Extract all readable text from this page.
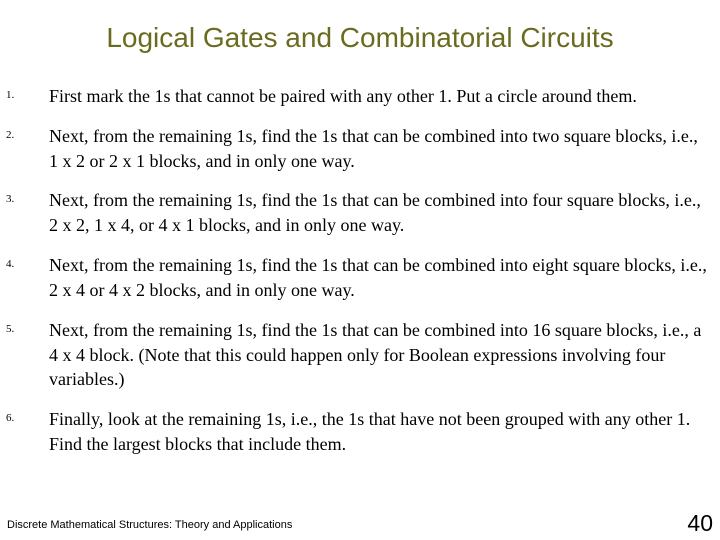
Logical Gates and Combinatorial Circuits
1. First mark the 1s that cannot be paired with any other 1. Put a circle around them.
2. Next, from the remaining 1s, find the 1s that can be combined into two square blocks, i.e., 1 x 2 or 2 x 1 blocks, and in only one way.
3. Next, from the remaining 1s, find the 1s that can be combined into four square blocks, i.e., 2 x 2, 1 x 4, or 4 x 1 blocks, and in only one way.
4. Next, from the remaining 1s, find the 1s that can be combined into eight square blocks, i.e., 2 x 4 or 4 x 2 blocks, and in only one way.
5. Next, from the remaining 1s, find the 1s that can be combined into 16 square blocks, i.e., a 4 x 4 block. (Note that this could happen only for Boolean expressions involving four variables.)
6. Finally, look at the remaining 1s, i.e., the 1s that have not been grouped with any other 1. Find the largest blocks that include them.
Discrete Mathematical Structures: Theory and Applications	40
